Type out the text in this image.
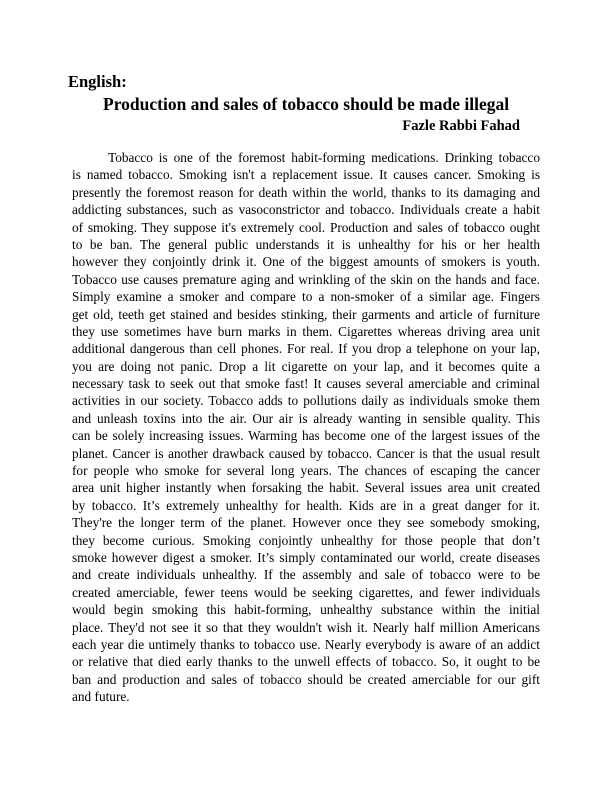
English:
Production and sales of tobacco should be made illegal
Fazle Rabbi Fahad
Tobacco is one of the foremost habit-forming medications. Drinking tobacco
is named tobacco. Smoking isn't a replacement issue. It causes cancer. Smoking is
presently the foremost reason for death within the world, thanks to its damaging and
addicting substances, such as vasoconstrictor and tobacco. Individuals create a habit
of smoking. They suppose it's extremely cool. Production and sales of tobacco ought
to be ban. The general public understands it is unhealthy for his or her health
however they conjointly drink it. One of the biggest amounts of smokers is youth.
Tobacco use causes premature aging and wrinkling of the skin on the hands and face.
Simply examine a smoker and compare to a non-smoker of a similar age. Fingers
get old, teeth get stained and besides stinking, their garments and article of furniture
they use sometimes have burn marks in them. Cigarettes whereas driving area unit
additional dangerous than cell phones. For real. If you drop a telephone on your lap,
you are doing not panic. Drop a lit cigarette on your lap, and it becomes quite a
necessary task to seek out that smoke fast! It causes several amerciable and criminal
activities in our society. Tobacco adds to pollutions daily as individuals smoke them
and unleash toxins into the air. Our air is already wanting in sensible quality. This
can be solely increasing issues. Warming has become one of the largest issues of the
planet. Cancer is another drawback caused by tobacco. Cancer is that the usual result
for people who smoke for several long years. The chances of escaping the cancer
area unit higher instantly when forsaking the habit. Several issues area unit created
by tobacco. It’s extremely unhealthy for health. Kids are in a great danger for it.
They're the longer term of the planet. However once they see somebody smoking,
they become curious. Smoking conjointly unhealthy for those people that don’t
smoke however digest a smoker. It’s simply contaminated our world, create diseases
and create individuals unhealthy. If the assembly and sale of tobacco were to be
created amerciable, fewer teens would be seeking cigarettes, and fewer individuals
would begin smoking this habit-forming, unhealthy substance within the initial
place. They'd not see it so that they wouldn't wish it. Nearly half million Americans
each year die untimely thanks to tobacco use. Nearly everybody is aware of an addict
or relative that died early thanks to the unwell effects of tobacco. So, it ought to be
ban and production and sales of tobacco should be created amerciable for our gift
and future.
